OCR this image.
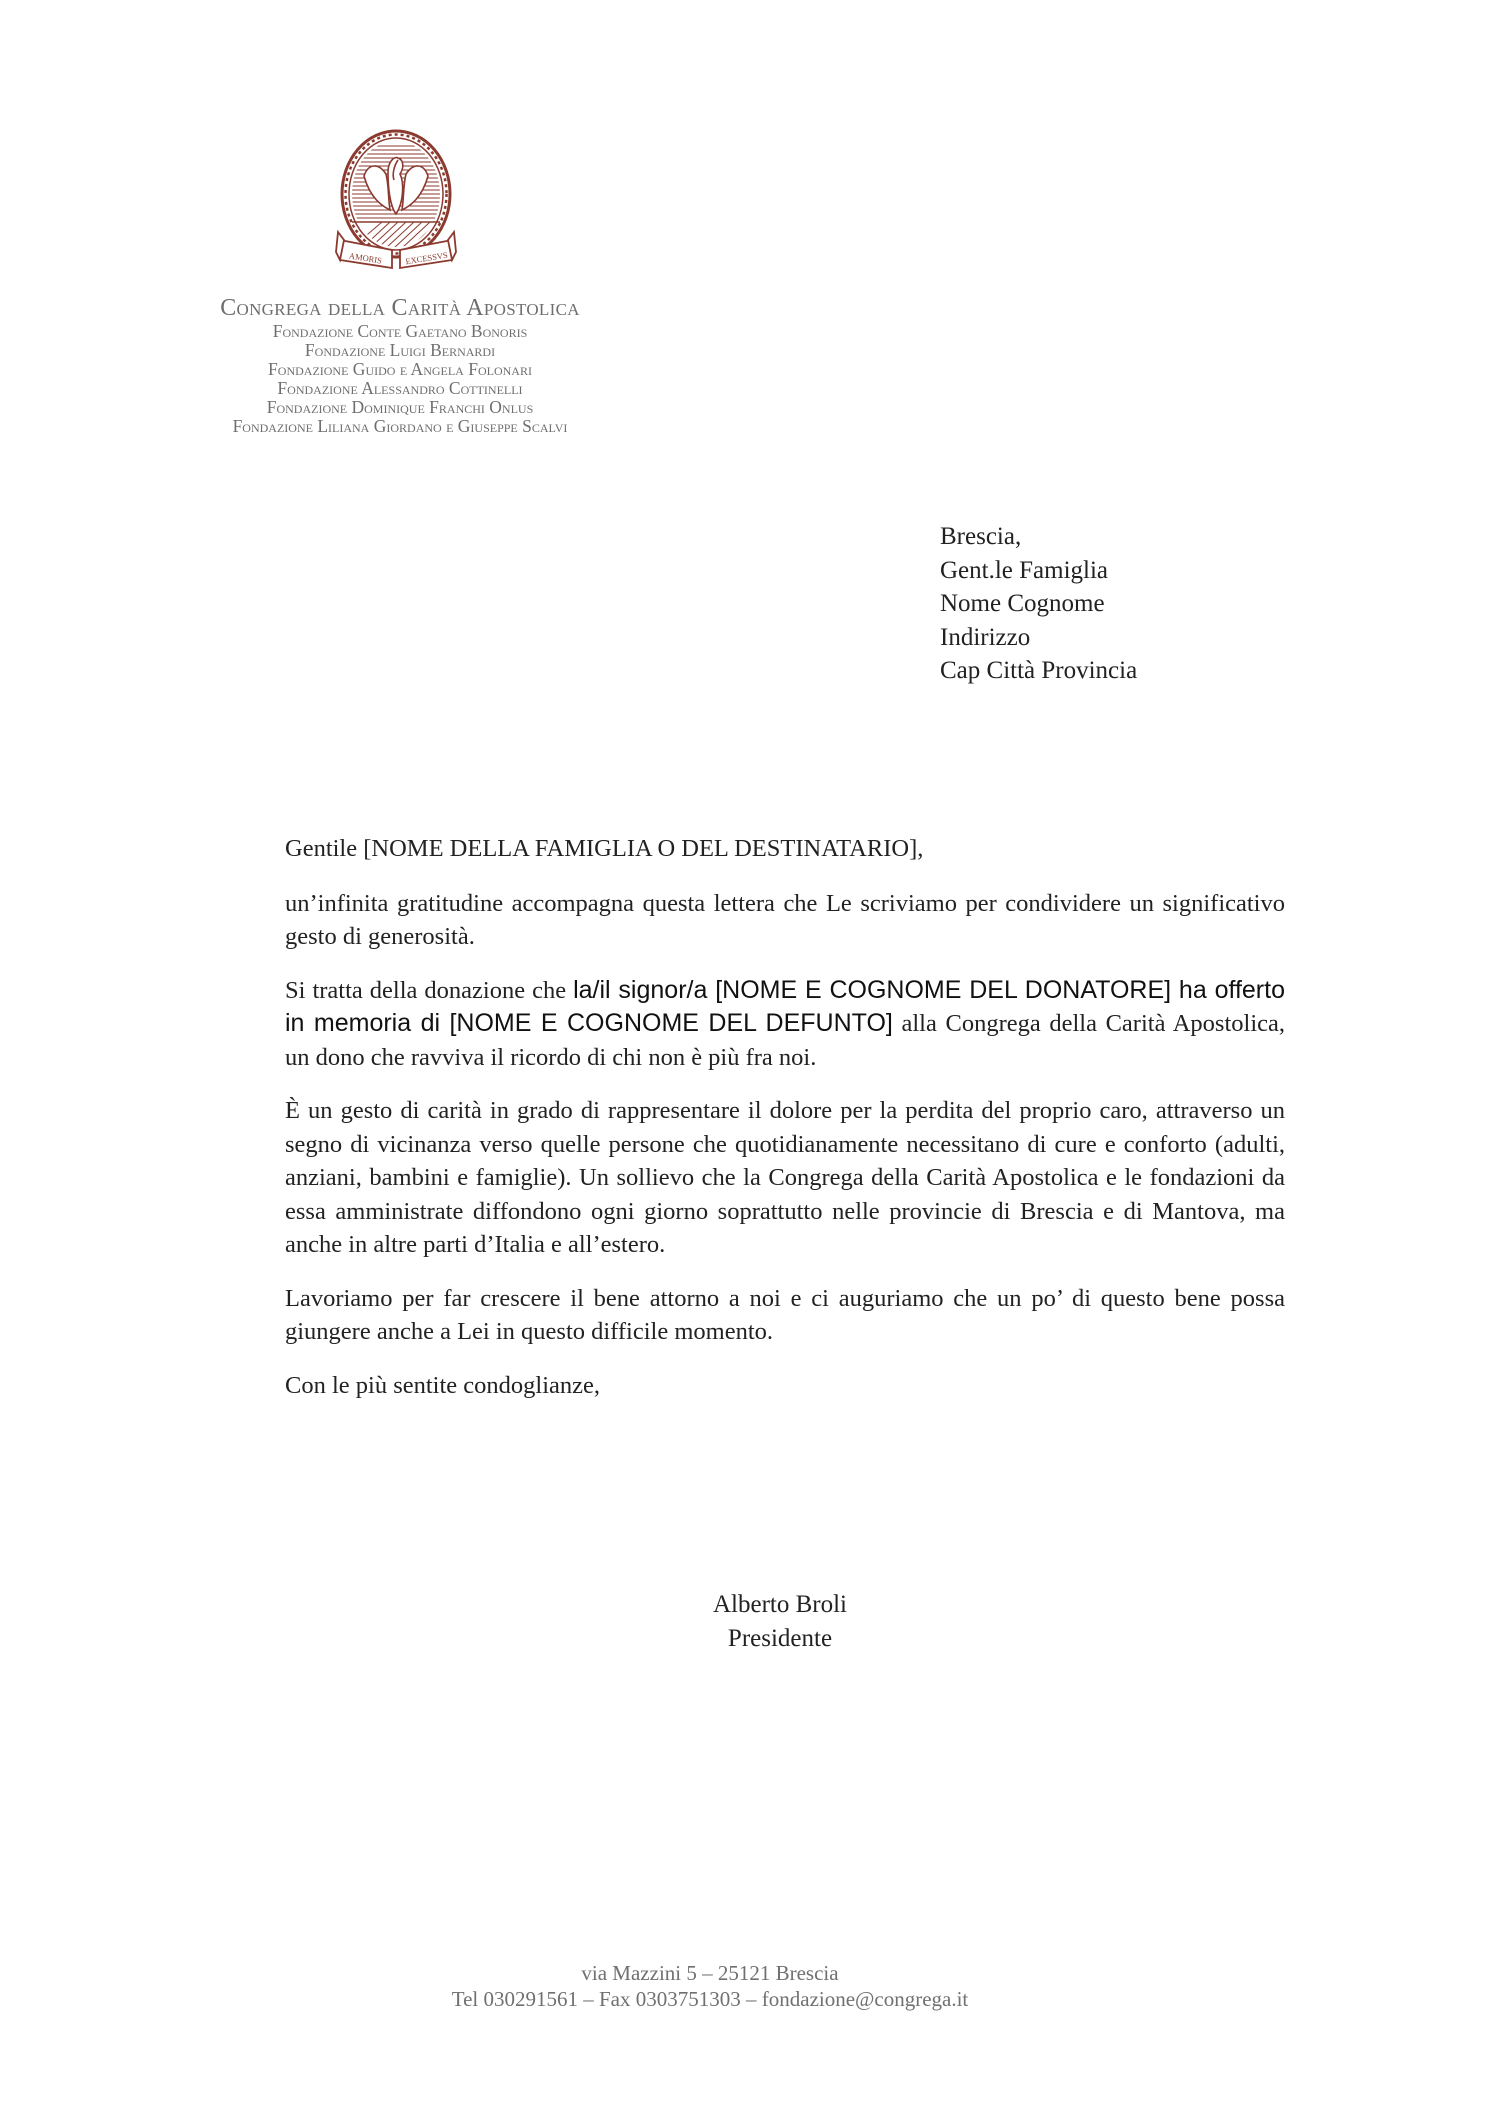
AMORIS	EXCESSVS
Congrega della Carità Apostolica
Fondazione Conte Gaetano Bonoris
Fondazione Luigi Bernardi
Fondazione Guido e Angela Folonari
Fondazione Alessandro Cottinelli
Fondazione Dominique Franchi Onlus
Fondazione Liliana Giordano e Giuseppe Scalvi
Brescia,
Gent.le Famiglia
Nome Cognome
Indirizzo
Cap Città Provincia

Gentile [NOME DELLA FAMIGLIA O DEL DESTINATARIO],

un’infinita gratitudine accompagna questa lettera che Le scriviamo per condividere un significativo gesto di generosità.

Si tratta della donazione che la/il signor/a [NOME E COGNOME DEL DONATORE] ha offerto in memoria di [NOME E COGNOME DEL DEFUNTO] alla Congrega della Carità Apostolica, un dono che ravviva il ricordo di chi non è più fra noi.

È un gesto di carità in grado di rappresentare il dolore per la perdita del proprio caro, attraverso un segno di vicinanza verso quelle persone che quotidianamente necessitano di cure e conforto (adulti, anziani, bambini e famiglie). Un sollievo che la Congrega della Carità Apostolica e le fondazioni da essa amministrate diffondono ogni giorno soprattutto nelle provincie di Brescia e di Mantova, ma anche in altre parti d’Italia e all’estero.

Lavoriamo per far crescere il bene attorno a noi e ci auguriamo che un po’ di questo bene possa giungere anche a Lei in questo difficile momento.

Con le più sentite condoglianze,

Alberto Broli
Presidente
via Mazzini 5 – 25121 Brescia
Tel 030291561 – Fax 0303751303 – fondazione@congrega.it
